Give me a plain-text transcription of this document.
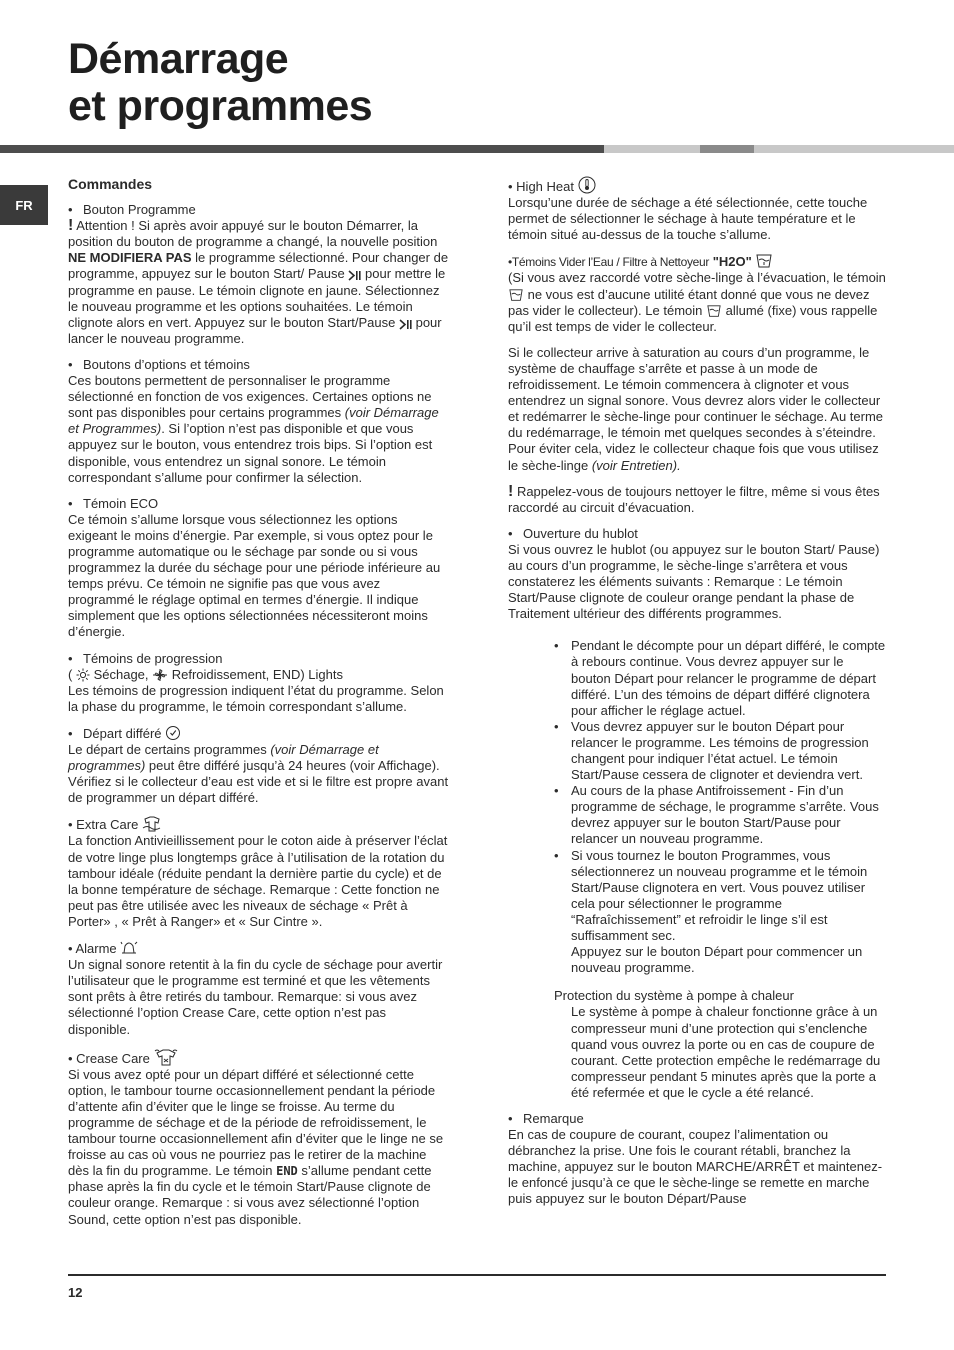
Démarrage
et programmes
FR
Commandes
• Bouton Programme
! Attention ! Si après avoir appuyé sur le bouton Démarrer, la position du bouton de programme a changé, la nouvelle position NE MODIFIERA PAS le programme sélectionné. Pour changer de programme, appuyez sur le bouton Start/ Pause
pour mettre le programme en pause. Le témoin clignote en jaune. Sélectionnez le nouveau programme et les options souhaitées. Le témoin clignote alors en vert. Appuyez sur le bouton Start/Pause
pour lancer le nouveau programme.
• Boutons d’options et témoins
Ces boutons permettent de personnaliser le programme sélectionné en fonction de vos exigences. Certaines options ne sont pas disponibles pour certains programmes (voir Démarrage et Programmes). Si l’option n’est pas disponible et que vous appuyez sur le bouton, vous entendrez trois bips. Si l’option est disponible, vous entendrez un signal sonore. Le témoin correspondant s’allume pour confirmer la sélection.
• Témoin ECO
Ce témoin s’allume lorsque vous sélectionnez les options exigeant le moins d’énergie. Par exemple, si vous optez pour le programme automatique ou le séchage par sonde ou si vous programmez la durée du séchage pour une période inférieure au temps prévu. Ce témoin ne signifie pas que vous avez programmé le réglage optimal en termes d’énergie. Il indique simplement que les options sélectionnées nécessiteront moins d’énergie.
• Témoins de progression
(
Séchage,
Refroidissement, END) Lights
Les témoins de progression indiquent l’état du programme. Selon la phase du programme, le témoin correspondant s’allume.
• Départ différé
Le départ de certains programmes (voir Démarrage et programmes) peut être différé jusqu’à 24 heures (voir Affichage). Vérifiez si le collecteur d’eau est vide et si le filtre est propre avant de programmer un départ différé.
• Extra Care
La fonction Antivieillissement pour le coton aide à préserver l’éclat de votre linge plus longtemps grâce à l’utilisation de la rotation du tambour idéale (réduite pendant la dernière partie du cycle) et de la bonne température de séchage. Remarque : Cette fonction ne peut pas être utilisée avec les niveaux de séchage « Prêt à Porter» , « Prêt à Ranger» et « Sur Cintre ».
• Alarme
Un signal sonore retentit à la fin du cycle de séchage pour avertir l’utilisateur que le programme est terminé et que les vêtements sont prêts à être retirés du tambour. Remarque: si vous avez sélectionné l’option Crease Care, cette option n’est pas disponible.
• Crease Care
Si vous avez opté pour un départ différé et sélectionné cette option, le tambour tourne occasionnellement pendant la période d’attente afin d’éviter que le linge se froisse. Au terme du programme de séchage et de la période de refroidissement, le tambour tourne occasionnellement afin d’éviter que le linge ne se froisse au cas où vous ne pourriez pas le retirer de la machine dès la fin du programme. Le témoin END s’allume pendant cette phase après la fin du cycle et le témoin Start/Pause clignote de couleur orange. Remarque : si vous avez sélectionné l’option Sound, cette option n’est pas disponible.
• High Heat
Lorsqu’une durée de séchage a été sélectionnée, cette touche permet de sélectionner le séchage à haute température et le témoin situé au-dessus de la touche s’allume.
•Témoins Vider l’Eau / Filtre à Nettoyeur "H2O"
(Si vous avez raccordé votre sèche-linge à l’évacuation, le témoin
ne vous est d’aucune utilité étant donné que vous ne devez pas vider le collecteur). Le témoin
allumé (fixe) vous rappelle qu’il est temps de vider le collecteur.
Si le collecteur arrive à saturation au cours d’un programme, le système de chauffage s’arrête et passe à un mode de refroidissement. Le témoin commencera à clignoter et vous entendrez un signal sonore. Vous devrez alors vider le collecteur et redémarrer le sèche-linge pour continuer le séchage. Au terme du redémarrage, le témoin met quelques secondes à s’éteindre. Pour éviter cela, videz le collecteur chaque fois que vous utilisez le sèche-linge (voir Entretien).
! Rappelez-vous de toujours nettoyer le filtre, même si vous êtes raccordé au circuit d’évacuation.
• Ouverture du hublot
Si vous ouvrez le hublot (ou appuyez sur le bouton Start/ Pause) au cours d’un programme, le sèche-linge s’arrêtera et vous constaterez les éléments suivants : Remarque : Le témoin Start/Pause clignote de couleur orange pendant la phase de Traitement ultérieur des différents programmes.
• Pendant le décompte pour un départ différé, le compte à rebours continue. Vous devrez appuyer sur le bouton Départ pour relancer le programme de départ différé. L’un des témoins de départ différé clignotera pour afficher le réglage actuel.
• Vous devrez appuyer sur le bouton Départ pour relancer le programme. Les témoins de progression changent pour indiquer l’état actuel. Le témoin Start/Pause cessera de clignoter et deviendra vert.
• Au cours de la phase Antifroissement - Fin d’un programme de séchage, le programme s’arrête. Vous devrez appuyer sur le bouton Start/Pause pour relancer un nouveau programme.
• Si vous tournez le bouton Programmes, vous sélectionnerez un nouveau programme et le témoin Start/Pause clignotera en vert. Vous pouvez utiliser cela pour sélectionner le programme “Rafraîchissement” et refroidir le linge s’il est suffisamment sec.
Appuyez sur le bouton Départ pour commencer un nouveau programme.
Protection du système à pompe à chaleur
Le système à pompe à chaleur fonctionne grâce à un compresseur muni d’une protection qui s’enclenche quand vous ouvrez la porte ou en cas de coupure de courant. Cette protection empêche le redémarrage du compresseur pendant 5 minutes après que la porte a été refermée et que le cycle a été relancé.
• Remarque
En cas de coupure de courant, coupez l’alimentation ou débranchez la prise. Une fois le courant rétabli, branchez la machine, appuyez sur le bouton MARCHE/ARRÊT et maintenez-le enfoncé jusqu’à ce que le sèche-linge se remette en marche puis appuyez sur le bouton Départ/Pause
12
